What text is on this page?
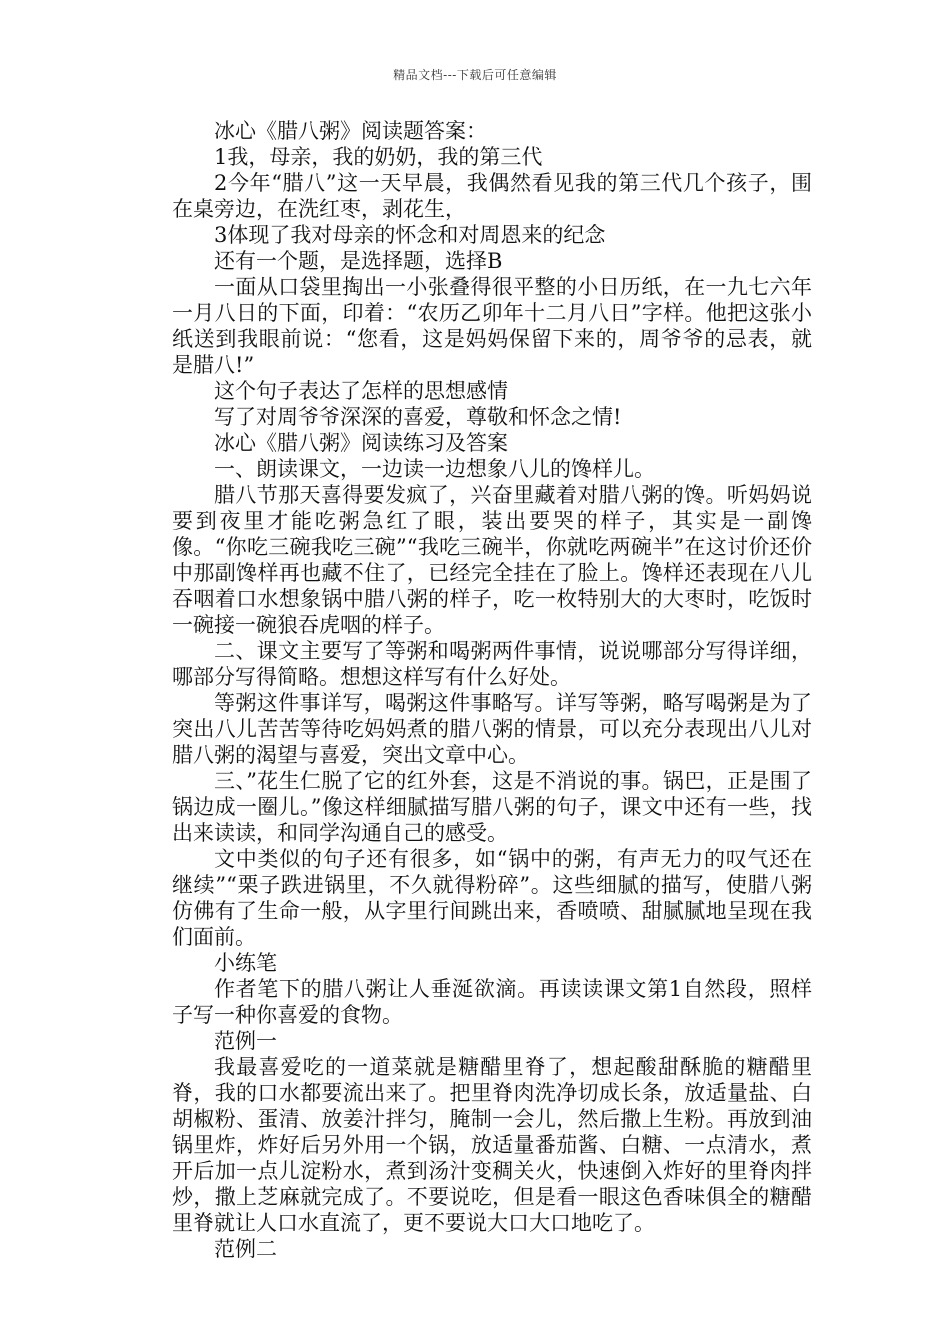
精品文档---下载后可任意编辑

冰心《腊八粥》阅读题答案：

1我，母亲，我的奶奶，我的第三代

2今年“腊八”这一天早晨，我偶然看见我的第三代几个孩子，围在桌旁边，在洗红枣，剥花生，

3体现了我对母亲的怀念和对周恩来的纪念

还有一个题，是选择题，选择B

一面从口袋里掏出一小张叠得很平整的小日历纸，在一九七六年一月八日的下面，印着：“农历乙卯年十二月八日”字样。他把这张小纸送到我眼前说：“您看，这是妈妈保留下来的，周爷爷的忌表，就是腊八!”

这个句子表达了怎样的思想感情

写了对周爷爷深深的喜爱，尊敬和怀念之情!

冰心《腊八粥》阅读练习及答案

一、朗读课文，一边读一边想象八儿的馋样儿。

腊八节那天喜得要发疯了，兴奋里藏着对腊八粥的馋。听妈妈说要到夜里才能吃粥急红了眼，装出要哭的样子，其实是一副馋像。“你吃三碗我吃三碗”“我吃三碗半，你就吃两碗半”在这讨价还价中那副馋样再也藏不住了，已经完全挂在了脸上。馋样还表现在八儿吞咽着口水想象锅中腊八粥的样子，吃一枚特别大的大枣时，吃饭时一碗接一碗狼吞虎咽的样子。

二、课文主要写了等粥和喝粥两件事情，说说哪部分写得详细，哪部分写得简略。想想这样写有什么好处。

等粥这件事详写，喝粥这件事略写。详写等粥，略写喝粥是为了突出八儿苦苦等待吃妈妈煮的腊八粥的情景，可以充分表现出八儿对腊八粥的渴望与喜爱，突出文章中心。

三、”花生仁脱了它的红外套，这是不消说的事。锅巴，正是围了锅边成一圈儿。”像这样细腻描写腊八粥的句子，课文中还有一些，找出来读读，和同学沟通自己的感受。

文中类似的句子还有很多，如“锅中的粥，有声无力的叹气还在继续”“栗子跌进锅里，不久就得粉碎”。这些细腻的描写，使腊八粥仿佛有了生命一般，从字里行间跳出来，香喷喷、甜腻腻地呈现在我们面前。

小练笔

作者笔下的腊八粥让人垂涎欲滴。再读读课文第1自然段，照样子写一种你喜爱的食物。

范例一

我最喜爱吃的一道菜就是糖醋里脊了，想起酸甜酥脆的糖醋里脊，我的口水都要流出来了。把里脊肉洗净切成长条，放适量盐、白胡椒粉、蛋清、放姜汁拌匀，腌制一会儿，然后撒上生粉。再放到油锅里炸，炸好后另外用一个锅，放适量番茄酱、白糖、一点清水，煮开后加一点儿淀粉水，煮到汤汁变稠关火，快速倒入炸好的里脊肉拌炒，撒上芝麻就完成了。不要说吃，但是看一眼这色香味俱全的糖醋里脊就让人口水直流了，更不要说大口大口地吃了。

范例二
